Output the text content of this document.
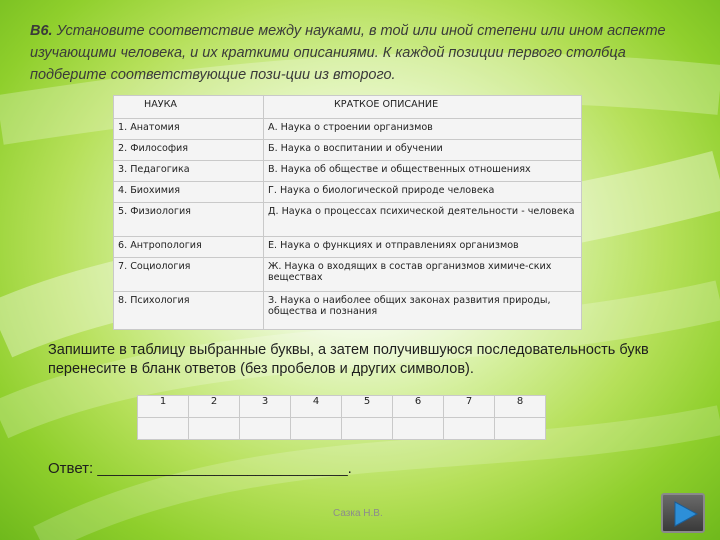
В6. Установите соответствие между науками, в той или иной степени или ином аспекте изучающими человека, и их краткими описаниями. К каждой позиции первого столбца подберите соответствующие пози-ции из второго.
НАУКА	КРАТКОЕ ОПИСАНИЕ
1. Анатомия	А. Наука о строении организмов
2. Философия	Б. Наука о воспитании и обучении
3. Педагогика	В. Наука об обществе и общественных отношениях
4. Биохимия	Г. Наука о биологической природе человека
5. Физиология	Д. Наука о процессах психической деятельности - человека
6. Антропология	Е. Наука о функциях и отправлениях организмов
7. Социология	Ж. Наука о входящих в состав организмов химиче-ских веществах
8. Психология	З. Наука о наиболее общих законах развития природы, общества и познания
Запишите в таблицу выбранные буквы, а затем получившуюся последовательность букв перенесите в бланк ответов (без пробелов и других символов).
1	2	3	4	5	6	7	8

Ответ: ______________________________.
Сазка Н.В.
